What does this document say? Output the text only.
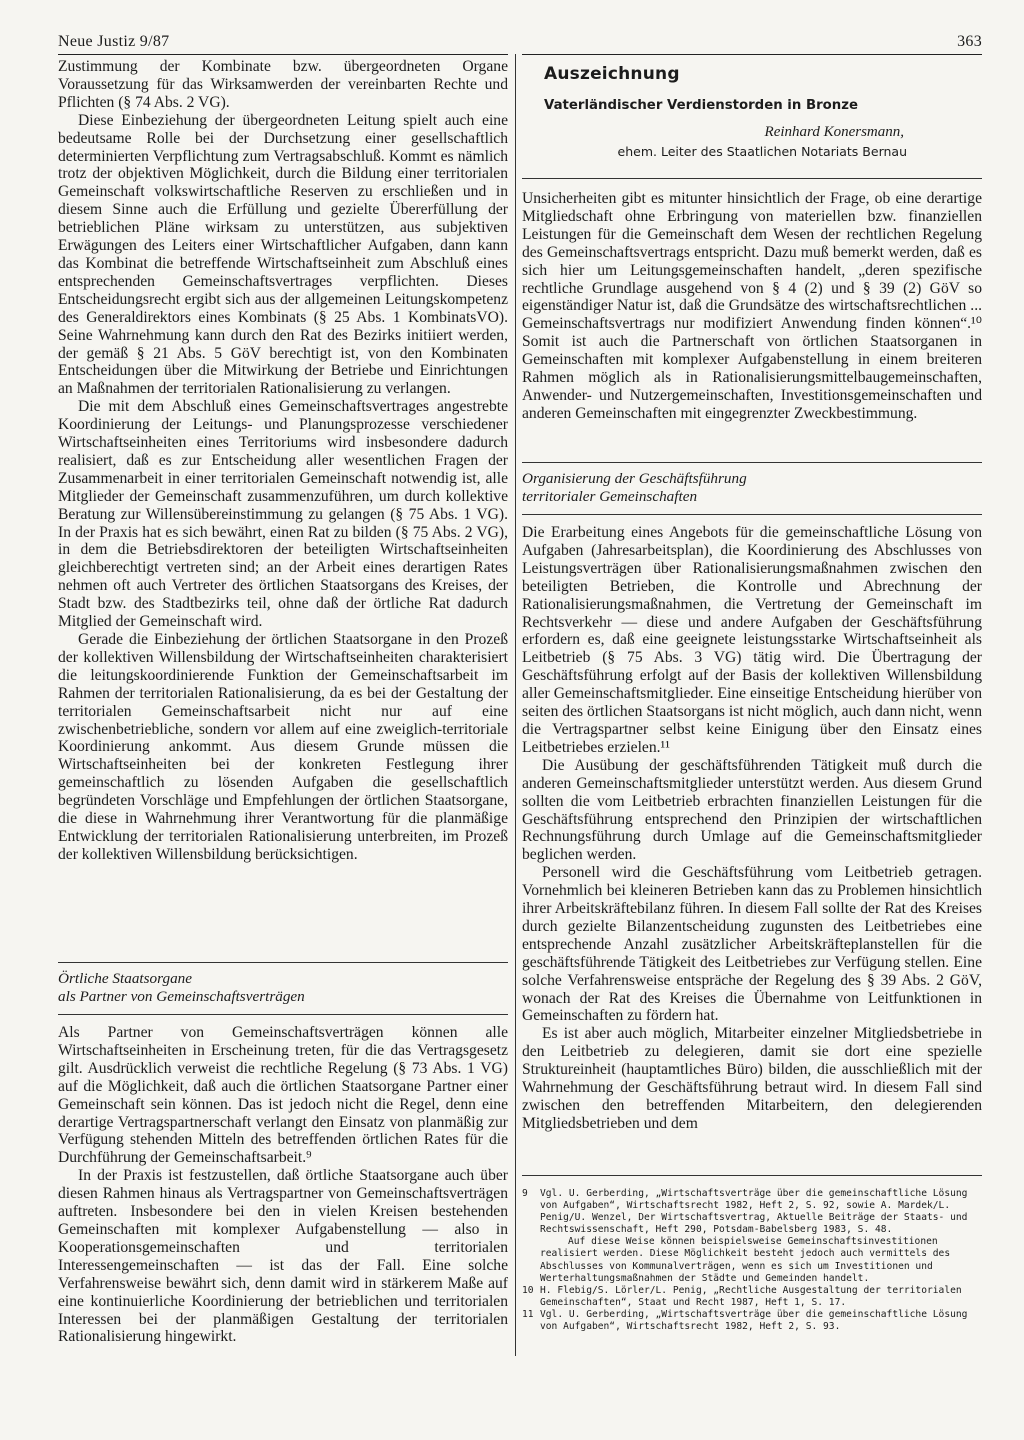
Neue Justiz 9/87	363

Zustimmung der Kombinate bzw. übergeordneten Organe Voraussetzung für das Wirksamwerden der vereinbarten Rechte und Pflichten (§ 74 Abs. 2 VG).

Diese Einbeziehung der übergeordneten Leitung spielt auch eine bedeutsame Rolle bei der Durchsetzung einer gesellschaftlich determinierten Verpflichtung zum Vertragsabschluß. Kommt es nämlich trotz der objektiven Möglichkeit, durch die Bildung einer territorialen Gemeinschaft volkswirtschaftliche Reserven zu erschließen und in diesem Sinne auch die Erfüllung und gezielte Übererfüllung der betrieblichen Pläne wirksam zu unterstützen, aus subjektiven Erwägungen des Leiters einer Wirtschaftlicher Aufgaben, dann kann das Kombinat die betreffende Wirtschaftseinheit zum Abschluß eines entsprechenden Gemeinschaftsvertrages verpflichten. Dieses Entscheidungsrecht ergibt sich aus der allgemeinen Leitungskompetenz des Generaldirektors eines Kombinats (§ 25 Abs. 1 KombinatsVO). Seine Wahrnehmung kann durch den Rat des Bezirks initiiert werden, der gemäß § 21 Abs. 5 GöV berechtigt ist, von den Kombinaten Entscheidungen über die Mitwirkung der Betriebe und Einrichtungen an Maßnahmen der territorialen Rationalisierung zu verlangen.

Die mit dem Abschluß eines Gemeinschaftsvertrages angestrebte Koordinierung der Leitungs- und Planungsprozesse verschiedener Wirtschaftseinheiten eines Territoriums wird insbesondere dadurch realisiert, daß es zur Entscheidung aller wesentlichen Fragen der Zusammenarbeit in einer territorialen Gemeinschaft notwendig ist, alle Mitglieder der Gemeinschaft zusammenzuführen, um durch kollektive Beratung zur Willensübereinstimmung zu gelangen (§ 75 Abs. 1 VG). In der Praxis hat es sich bewährt, einen Rat zu bilden (§ 75 Abs. 2 VG), in dem die Betriebsdirektoren der beteiligten Wirtschaftseinheiten gleichberechtigt vertreten sind; an der Arbeit eines derartigen Rates nehmen oft auch Vertreter des örtlichen Staatsorgans des Kreises, der Stadt bzw. des Stadtbezirks teil, ohne daß der örtliche Rat dadurch Mitglied der Gemeinschaft wird.

Gerade die Einbeziehung der örtlichen Staatsorgane in den Prozeß der kollektiven Willensbildung der Wirtschaftseinheiten charakterisiert die leitungskoordinierende Funktion der Gemeinschaftsarbeit im Rahmen der territorialen Rationalisierung, da es bei der Gestaltung der territorialen Gemeinschaftsarbeit nicht nur auf eine zwischenbetriebliche, sondern vor allem auf eine zweiglich-territoriale Koordinierung ankommt. Aus diesem Grunde müssen die Wirtschaftseinheiten bei der konkreten Festlegung ihrer gemeinschaftlich zu lösenden Aufgaben die gesellschaftlich begründeten Vorschläge und Empfehlungen der örtlichen Staatsorgane, die diese in Wahrnehmung ihrer Verantwortung für die planmäßige Entwicklung der territorialen Rationalisierung unterbreiten, im Prozeß der kollektiven Willensbildung berücksichtigen.

Örtliche Staatsorgane
als Partner von Gemeinschaftsverträgen

Als Partner von Gemeinschaftsverträgen können alle Wirtschaftseinheiten in Erscheinung treten, für die das Vertragsgesetz gilt. Ausdrücklich verweist die rechtliche Regelung (§ 73 Abs. 1 VG) auf die Möglichkeit, daß auch die örtlichen Staatsorgane Partner einer Gemeinschaft sein können. Das ist jedoch nicht die Regel, denn eine derartige Vertragspartnerschaft verlangt den Einsatz von planmäßig zur Verfügung stehenden Mitteln des betreffenden örtlichen Rates für die Durchführung der Gemeinschaftsarbeit.⁹

In der Praxis ist festzustellen, daß örtliche Staatsorgane auch über diesen Rahmen hinaus als Vertragspartner von Gemeinschaftsverträgen auftreten. Insbesondere bei den in vielen Kreisen bestehenden Gemeinschaften mit komplexer Aufgabenstellung — also in Kooperationsgemeinschaften und territorialen Interessengemeinschaften — ist das der Fall. Eine solche Verfahrensweise bewährt sich, denn damit wird in stärkerem Maße auf eine kontinuierliche Koordinierung der betrieblichen und territorialen Interessen bei der planmäßigen Gestaltung der territorialen Rationalisierung hingewirkt.

Auszeichnung
Vaterländischer Verdienstorden in Bronze
Reinhard Konersmann,
ehem. Leiter des Staatlichen Notariats Bernau

Unsicherheiten gibt es mitunter hinsichtlich der Frage, ob eine derartige Mitgliedschaft ohne Erbringung von materiellen bzw. finanziellen Leistungen für die Gemeinschaft dem Wesen der rechtlichen Regelung des Gemeinschaftsvertrags entspricht. Dazu muß bemerkt werden, daß es sich hier um Leitungsgemeinschaften handelt, „deren spezifische rechtliche Grundlage ausgehend von § 4 (2) und § 39 (2) GöV so eigenständiger Natur ist, daß die Grundsätze des wirtschaftsrechtlichen ... Gemeinschaftsvertrags nur modifiziert Anwendung finden können“.¹⁰ Somit ist auch die Partnerschaft von örtlichen Staatsorganen in Gemeinschaften mit komplexer Aufgabenstellung in einem breiteren Rahmen möglich als in Rationalisierungsmittelbaugemeinschaften, Anwender- und Nutzergemeinschaften, Investitionsgemeinschaften und anderen Gemeinschaften mit eingegrenzter Zweckbestimmung.

Organisierung der Geschäftsführung
territorialer Gemeinschaften

Die Erarbeitung eines Angebots für die gemeinschaftliche Lösung von Aufgaben (Jahresarbeitsplan), die Koordinierung des Abschlusses von Leistungsverträgen über Rationalisierungsmaßnahmen zwischen den beteiligten Betrieben, die Kontrolle und Abrechnung der Rationalisierungsmaßnahmen, die Vertretung der Gemeinschaft im Rechtsverkehr — diese und andere Aufgaben der Geschäftsführung erfordern es, daß eine geeignete leistungsstarke Wirtschaftseinheit als Leitbetrieb (§ 75 Abs. 3 VG) tätig wird. Die Übertragung der Geschäftsführung erfolgt auf der Basis der kollektiven Willensbildung aller Gemeinschaftsmitglieder. Eine einseitige Entscheidung hierüber von seiten des örtlichen Staatsorgans ist nicht möglich, auch dann nicht, wenn die Vertragspartner selbst keine Einigung über den Einsatz eines Leitbetriebes erzielen.¹¹

Die Ausübung der geschäftsführenden Tätigkeit muß durch die anderen Gemeinschaftsmitglieder unterstützt werden. Aus diesem Grund sollten die vom Leitbetrieb erbrachten finanziellen Leistungen für die Geschäftsführung entsprechend den Prinzipien der wirtschaftlichen Rechnungsführung durch Umlage auf die Gemeinschaftsmitglieder beglichen werden.

Personell wird die Geschäftsführung vom Leitbetrieb getragen. Vornehmlich bei kleineren Betrieben kann das zu Problemen hinsichtlich ihrer Arbeitskräftebilanz führen. In diesem Fall sollte der Rat des Kreises durch gezielte Bilanzentscheidung zugunsten des Leitbetriebes eine entsprechende Anzahl zusätzlicher Arbeitskräfteplanstellen für die geschäftsführende Tätigkeit des Leitbetriebes zur Verfügung stellen. Eine solche Verfahrensweise entspräche der Regelung des § 39 Abs. 2 GöV, wonach der Rat des Kreises die Übernahme von Leitfunktionen in Gemeinschaften zu fördern hat.

Es ist aber auch möglich, Mitarbeiter einzelner Mitgliedsbetriebe in den Leitbetrieb zu delegieren, damit sie dort eine spezielle Struktureinheit (hauptamtliches Büro) bilden, die ausschließlich mit der Wahrnehmung der Geschäftsführung betraut wird. In diesem Fall sind zwischen den betreffenden Mitarbeitern, den delegierenden Mitgliedsbetrieben und dem

9 Vgl. U. Gerberding, „Wirtschaftsverträge über die gemeinschaftliche Lösung von Aufgaben“, Wirtschaftsrecht 1982, Heft 2, S. 92, sowie A. Mardek/L. Penig/U. Wenzel, Der Wirtschaftsvertrag, Aktuelle Beiträge der Staats- und Rechtswissenschaft, Heft 290, Potsdam-Babelsberg 1983, S. 48.
Auf diese Weise können beispielsweise Gemeinschaftsinvestitionen realisiert werden. Diese Möglichkeit besteht jedoch auch vermittels des Abschlusses von Kommunalverträgen, wenn es sich um Investitionen und Werterhaltungsmaßnahmen der Städte und Gemeinden handelt.
10 H. Flebig/S. Lörler/L. Penig, „Rechtliche Ausgestaltung der territorialen Gemeinschaften“, Staat und Recht 1987, Heft 1, S. 17.
11 Vgl. U. Gerberding, „Wirtschaftsverträge über die gemeinschaftliche Lösung von Aufgaben“, Wirtschaftsrecht 1982, Heft 2, S. 93.
